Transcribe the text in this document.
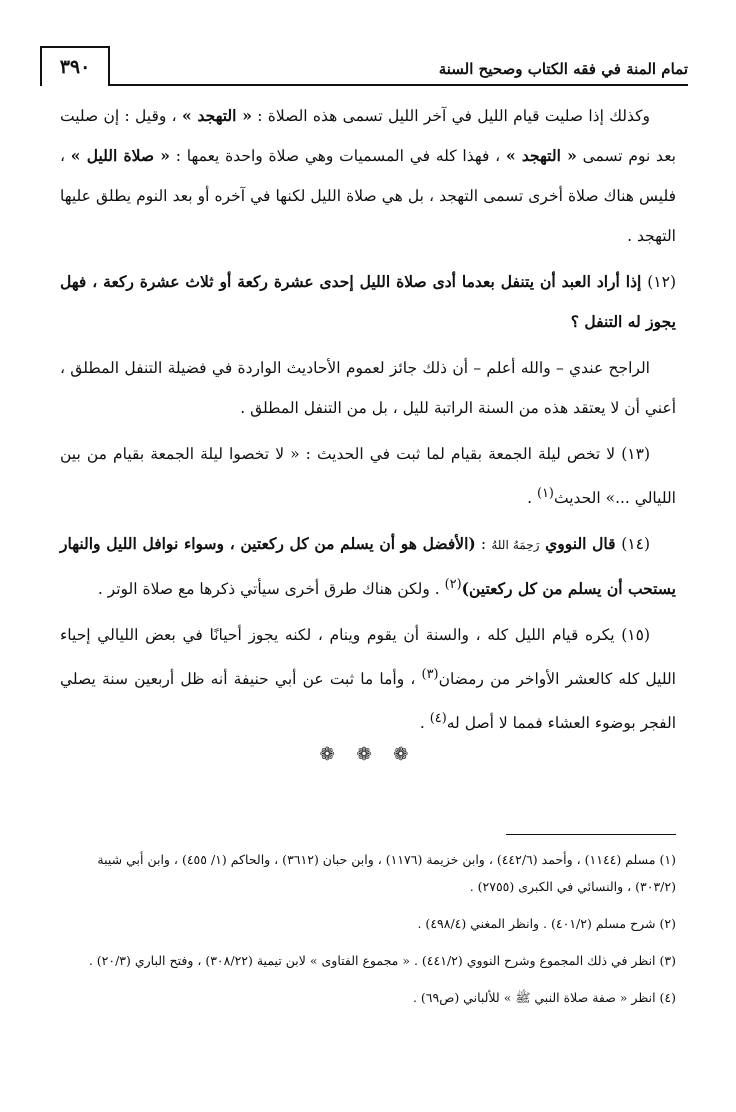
٣٩٠	تمام المنة في فقه الكتاب وصحيح السنة

وكذلك إذا صليت قيام الليل في آخر الليل تسمى هذه الصلاة : « التهجد » ، وقيل : إن صليت بعد نوم تسمى « التهجد » ، فهذا كله في المسميات وهي صلاة واحدة يعمها : « صلاة الليل » ، فليس هناك صلاة أخرى تسمى التهجد ، بل هي صلاة الليل لكنها في آخره أو بعد النوم يطلق عليها التهجد .

(١٢) إذا أراد العبد أن يتنفل بعدما أدى صلاة الليل إحدى عشرة ركعة أو ثلاث عشرة ركعة ، فهل يجوز له التنفل ؟

الراجح عندي – والله أعلم – أن ذلك جائز لعموم الأحاديث الواردة في فضيلة التنفل المطلق ، أعني أن لا يعتقد هذه من السنة الراتبة لليل ، بل من التنفل المطلق .

(١٣) لا تخص ليلة الجمعة بقيام لما ثبت في الحديث : « لا تخصوا ليلة الجمعة بقيام من بين الليالي ...» الحديث$^{(١)}$ .

(١٤) قال النووي رَحِمَهُ اللهُ : (الأفضل هو أن يسلم من كل ركعتين ، وسواء نوافل الليل والنهار يستحب أن يسلم من كل ركعتين)$^{(٢)}$ . ولكن هناك طرق أخرى سيأتي ذكرها مع صلاة الوتر .

(١٥) يكره قيام الليل كله ، والسنة أن يقوم وينام ، لكنه يجوز أحيانًا في بعض الليالي إحياء الليل كله كالعشر الأواخر من رمضان$^{(٣)}$ ، وأما ما ثبت عن أبي حنيفة أنه ظل أربعين سنة يصلي الفجر بوضوء العشاء فمما لا أصل له$^{(٤)}$ .

❁ ❁ ❁

(١) مسلم (١١٤٤) ، وأحمد (٤٤٢/٦) ، وابن خزيمة (١١٧٦) ، وابن حبان (٣٦١٢) ، والحاكم (١/ ٤٥٥) ، وابن أبي شيبة (٣٠٣/٢) ، والنسائي في الكبرى (٢٧٥٥) .

(٢) شرح مسلم (٤٠١/٢) . وانظر المغني (٤٩٨/٤) .

(٣) انظر في ذلك المجموع وشرح النووي (٤٤١/٢) . « مجموع الفتاوى » لابن تيمية (٣٠٨/٢٢) ، وفتح الباري (٢٠/٣) .

(٤) انظر « صفة صلاة النبي ﷺ » للألباني (ص٦٩) .
